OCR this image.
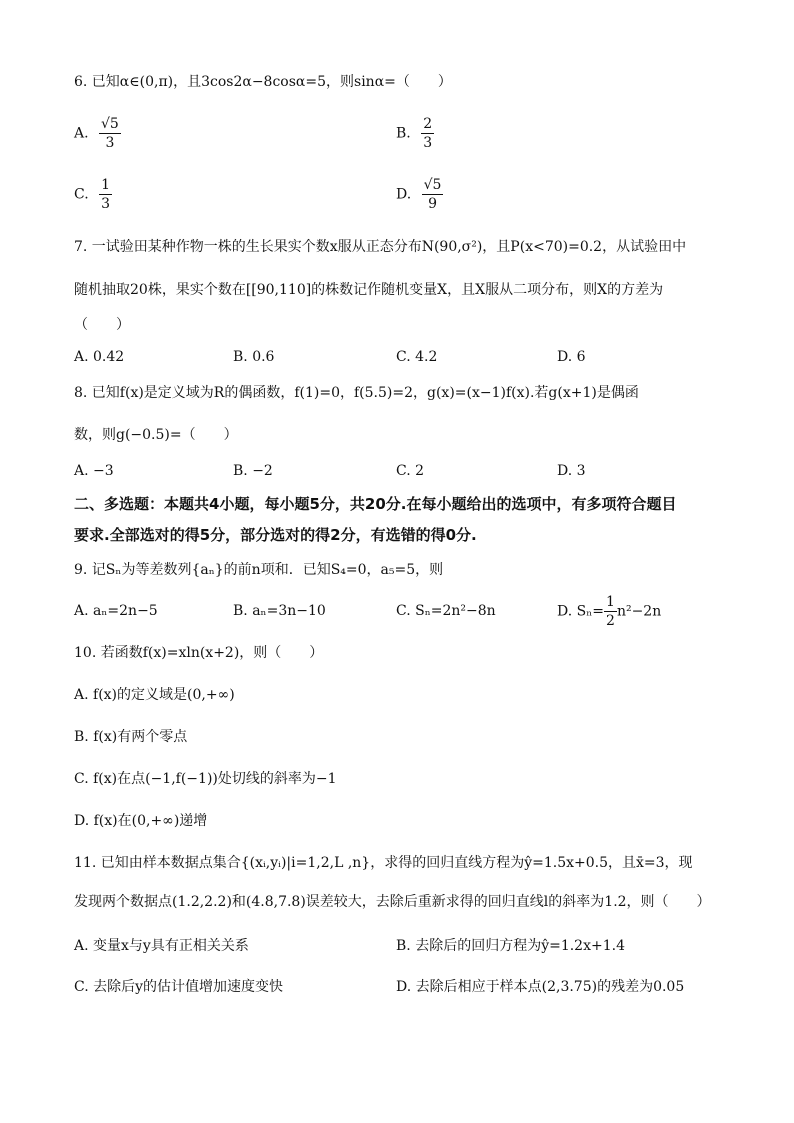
6. 已知α∈(0,π)，且3cos2α−8cosα=5，则sinα=（　　）
A. $\frac{√5}{3}$	B. $\frac{2}{3}$
C. $\frac{1}{3}$	D. $\frac{√5}{9}$
7. 一试验田某种作物一株的生长果实个数x服从正态分布N(90,σ²)，且P(x<70)=0.2，从试验田中
随机抽取20株，果实个数在[[90,110]的株数记作随机变量X，且X服从二项分布，则X的方差为
（　　）
A. 0.42	B. 0.6	C. 4.2	D. 6
8. 已知f(x)是定义域为R的偶函数，f(1)=0，f(5.5)=2，g(x)=(x−1)f(x).若g(x+1)是偶函
数，则g(−0.5)=（　　）
A. −3	B. −2	C. 2	D. 3
二、多选题：本题共4小题，每小题5分，共20分.在每小题给出的选项中，有多项符合题目
要求.全部选对的得5分，部分选对的得2分，有选错的得0分.
9. 记Sₙ为等差数列{aₙ}的前n项和．已知S₄=0，a₅=5，则
A. aₙ=2n−5	B. aₙ=3n−10	C. Sₙ=2n²−8n	D. $S_n= \frac{1}{2} n^2-2n$
10. 若函数f(x)=xln(x+2)，则（　　）
A. f(x)的定义域是(0,+∞)
B. f(x)有两个零点
C. f(x)在点(−1,f(−1))处切线的斜率为−1
D. f(x)在(0,+∞)递增
11. 已知由样本数据点集合{(xᵢ,yᵢ)|i=1,2,L ,n}，求得的回归直线方程为ŷ=1.5x+0.5，且x̄=3，现
发现两个数据点(1.2,2.2)和(4.8,7.8)误差较大，去除后重新求得的回归直线l的斜率为1.2，则（　　）
A. 变量x与y具有正相关关系	B. 去除后的回归方程为ŷ=1.2x+1.4
C. 去除后y的估计值增加速度变快	D. 去除后相应于样本点(2,3.75)的残差为0.05
